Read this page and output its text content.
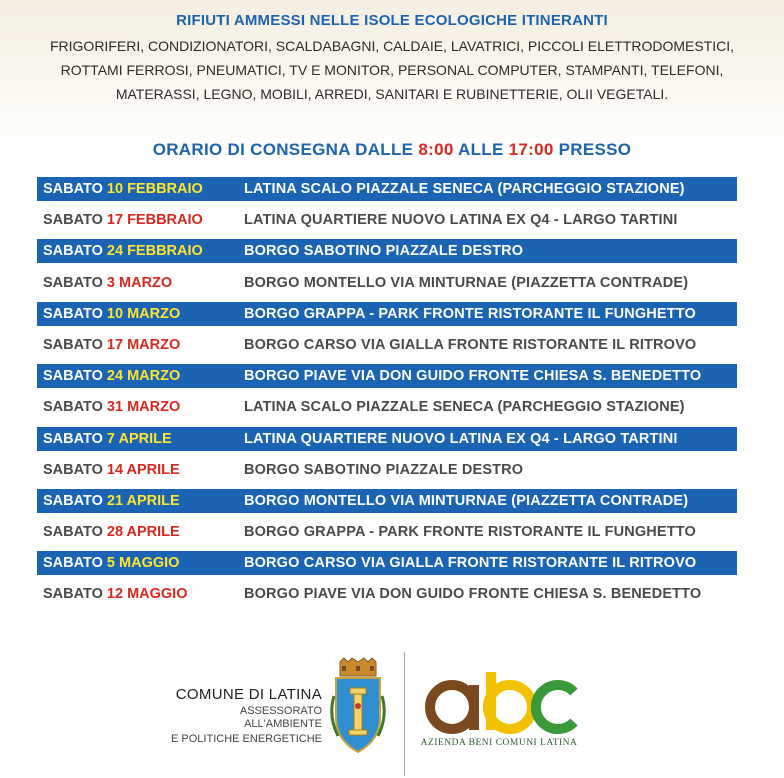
RIFIUTI AMMESSI NELLE ISOLE ECOLOGICHE ITINERANTI
FRIGORIFERI, CONDIZIONATORI, SCALDABAGNI, CALDAIE, LAVATRICI, PICCOLI ELETTRODOMESTICI,
ROTTAMI FERROSI, PNEUMATICI, TV E MONITOR, PERSONAL COMPUTER, STAMPANTI, TELEFONI,
MATERASSI, LEGNO, MOBILI, ARREDI, SANITARI E RUBINETTERIE, OLII VEGETALI.
ORARIO DI CONSEGNA DALLE 8:00 ALLE 17:00 PRESSO
SABATO 10 FEBBRAIO	LATINA SCALO PIAZZALE SENECA (PARCHEGGIO STAZIONE)
SABATO 17 FEBBRAIO	LATINA QUARTIERE NUOVO LATINA EX Q4 - LARGO TARTINI
SABATO 24 FEBBRAIO	BORGO SABOTINO PIAZZALE DESTRO
SABATO 3 MARZO	BORGO MONTELLO VIA MINTURNAE (PIAZZETTA CONTRADE)
SABATO 10 MARZO	BORGO GRAPPA - PARK FRONTE RISTORANTE IL FUNGHETTO
SABATO 17 MARZO	BORGO CARSO VIA GIALLA FRONTE RISTORANTE IL RITROVO
SABATO 24 MARZO	BORGO PIAVE VIA DON GUIDO FRONTE CHIESA S. BENEDETTO
SABATO 31 MARZO	LATINA SCALO PIAZZALE SENECA (PARCHEGGIO STAZIONE)
SABATO 7 APRILE	LATINA QUARTIERE NUOVO LATINA EX Q4 - LARGO TARTINI
SABATO 14 APRILE	BORGO SABOTINO PIAZZALE DESTRO
SABATO 21 APRILE	BORGO MONTELLO VIA MINTURNAE (PIAZZETTA CONTRADE)
SABATO 28 APRILE	BORGO GRAPPA - PARK FRONTE RISTORANTE IL FUNGHETTO
SABATO 5 MAGGIO	BORGO CARSO VIA GIALLA FRONTE RISTORANTE IL RITROVO
SABATO 12 MAGGIO	BORGO PIAVE VIA DON GUIDO FRONTE CHIESA S. BENEDETTO
COMUNE DI LATINA
ASSESSORATO ALL'AMBIENTE
E POLITICHE ENERGETICHE	AZIENDA BENI COMUNI LATINA
